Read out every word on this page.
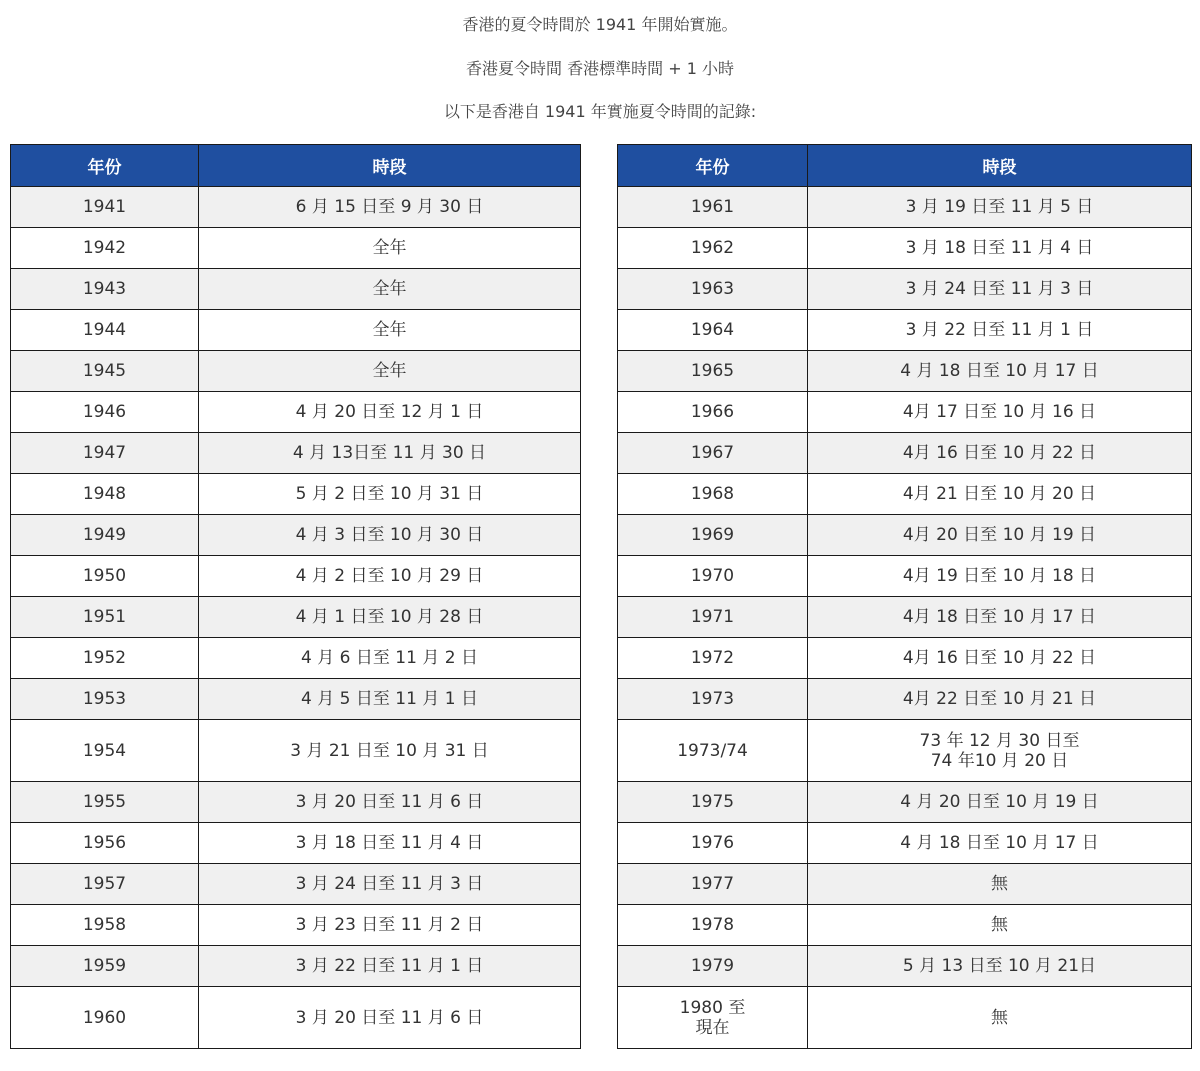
香港的夏令時間於 1941 年開始實施。
香港夏令時間 香港標準時間 + 1 小時
以下是香港自 1941 年實施夏令時間的記錄:
年份	時段
1941	6 月 15 日至 9 月 30 日
1942	全年
1943	全年
1944	全年
1945	全年
1946	4 月 20 日至 12 月 1 日
1947	4 月 13日至 11 月 30 日
1948	5 月 2 日至 10 月 31 日
1949	4 月 3 日至 10 月 30 日
1950	4 月 2 日至 10 月 29 日
1951	4 月 1 日至 10 月 28 日
1952	4 月 6 日至 11 月 2 日
1953	4 月 5 日至 11 月 1 日
1954	3 月 21 日至 10 月 31 日
1955	3 月 20 日至 11 月 6 日
1956	3 月 18 日至 11 月 4 日
1957	3 月 24 日至 11 月 3 日
1958	3 月 23 日至 11 月 2 日
1959	3 月 22 日至 11 月 1 日
1960	3 月 20 日至 11 月 6 日
年份	時段
1961	3 月 19 日至 11 月 5 日
1962	3 月 18 日至 11 月 4 日
1963	3 月 24 日至 11 月 3 日
1964	3 月 22 日至 11 月 1 日
1965	4 月 18 日至 10 月 17 日
1966	4月 17 日至 10 月 16 日
1967	4月 16 日至 10 月 22 日
1968	4月 21 日至 10 月 20 日
1969	4月 20 日至 10 月 19 日
1970	4月 19 日至 10 月 18 日
1971	4月 18 日至 10 月 17 日
1972	4月 16 日至 10 月 22 日
1973	4月 22 日至 10 月 21 日
1973/74	73 年 12 月 30 日至
74 年10 月 20 日

1975	4 月 20 日至 10 月 19 日
1976	4 月 18 日至 10 月 17 日
1977	無
1978	無
1979	5 月 13 日至 10 月 21日

1980 至
現在	無
